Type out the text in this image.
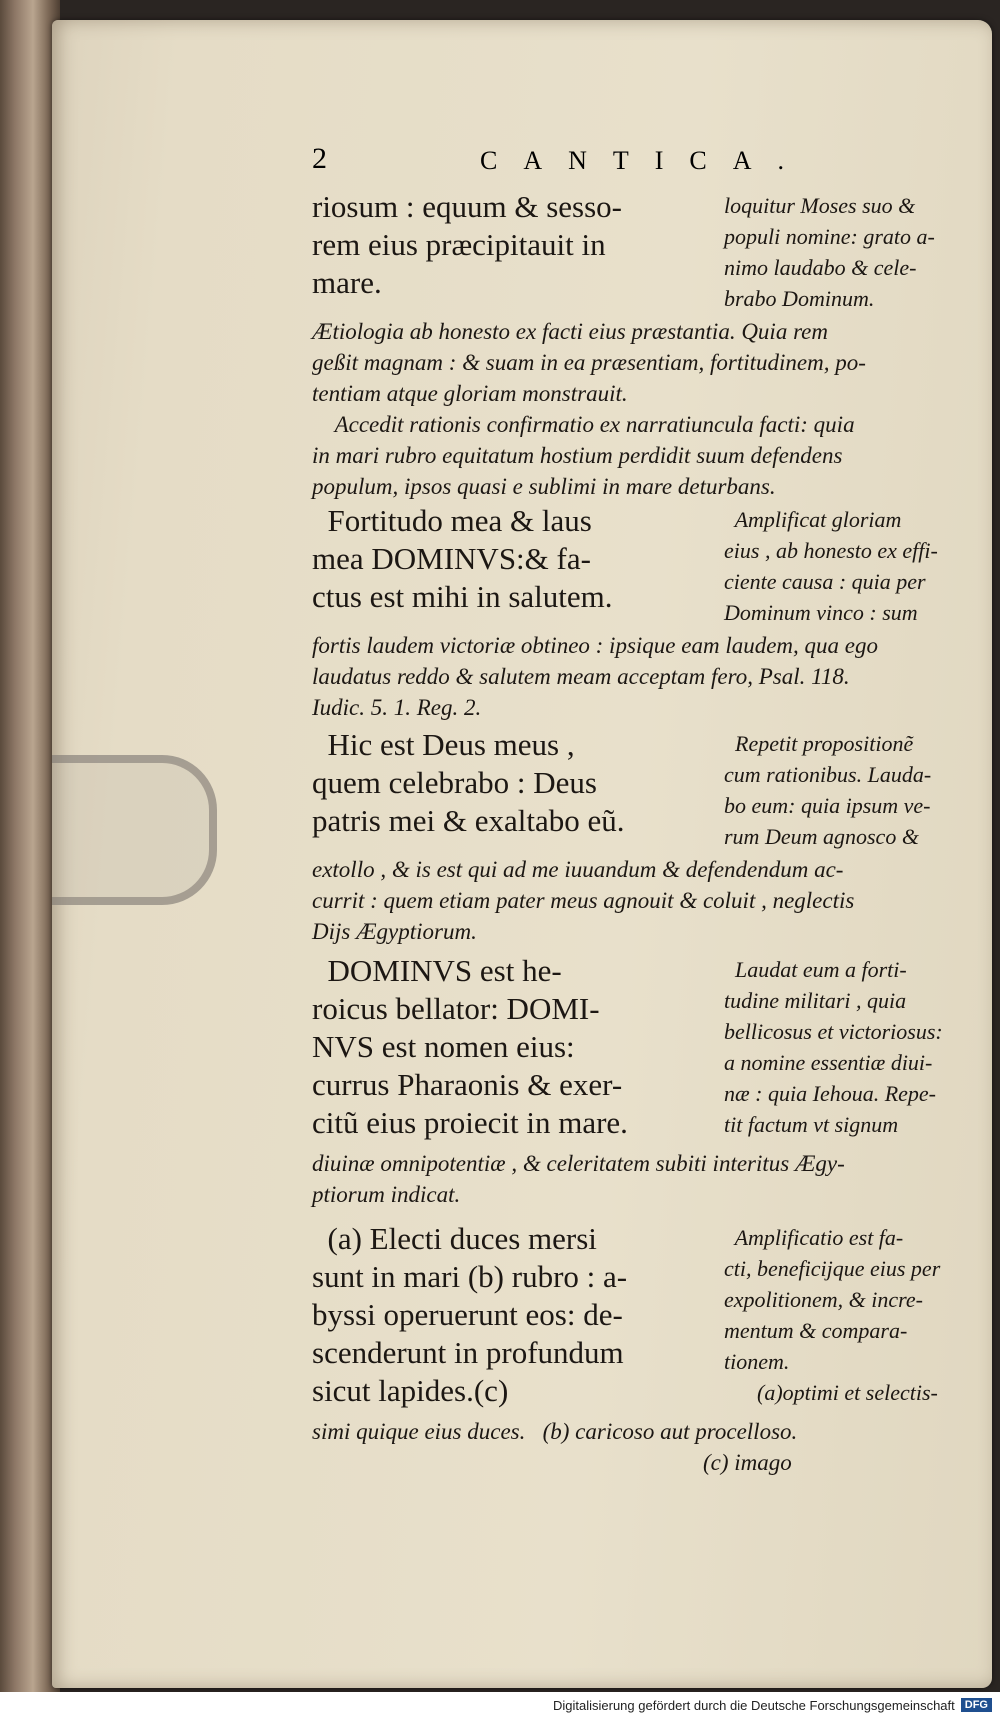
2	CANTICA.
riosum : equum & sesso-
rem eius præcipitauit in
mare.
loquitur Moses suo &
populi nomine: grato a-
nimo laudabo & cele-
brabo Dominum.
Ætiologia ab honesto ex facti eius præstantia. Quia rem
geßit magnam : & suam in ea præsentiam, fortitudinem, po-
tentiam atque gloriam monstrauit.
Accedit rationis confirmatio ex narratiuncula facti: quia
in mari rubro equitatum hostium perdidit suum defendens
populum, ipsos quasi e sublimi in mare deturbans.
Fortitudo mea & laus
mea DOMINVS:& fa-
ctus est mihi in salutem.
Amplificat gloriam
eius , ab honesto ex effi-
ciente causa : quia per
Dominum vinco : sum
fortis laudem victoriæ obtineo : ipsique eam laudem, qua ego
laudatus reddo & salutem meam acceptam fero, Psal. 118.
Iudic. 5. 1. Reg. 2.
Hic est Deus meus ,
quem celebrabo : Deus
patris mei & exaltabo eũ.
Repetit propositionẽ
cum rationibus. Lauda-
bo eum: quia ipsum ve-
rum Deum agnosco &
extollo , & is est qui ad me iuuandum & defendendum ac-
currit : quem etiam pater meus agnouit & coluit , neglectis
Dijs Ægyptiorum.
DOMINVS est he-
roicus bellator: DOMI-
NVS est nomen eius:
currus Pharaonis & exer-
citũ eius proiecit in mare.
Laudat eum a forti-
tudine militari , quia
bellicosus et victoriosus:
a nomine essentiæ diui-
næ : quia Iehoua. Repe-
tit factum vt signum
diuinæ omnipotentiæ , & celeritatem subiti interitus Ægy-
ptiorum indicat.
(a) Electi duces mersi
sunt in mari (b) rubro : a-
byssi operuerunt eos: de-
scenderunt in profundum
sicut lapides.(c)
Amplificatio est fa-
cti, beneficijque eius per
expolitionem, & incre-
mentum & compara-
tionem.
(a)optimi et selectis-
simi quique eius duces.   (b) caricoso aut procelloso.
(c) imago
Digitalisierung gefördert durch die Deutsche Forschungsgemeinschaft DFG
